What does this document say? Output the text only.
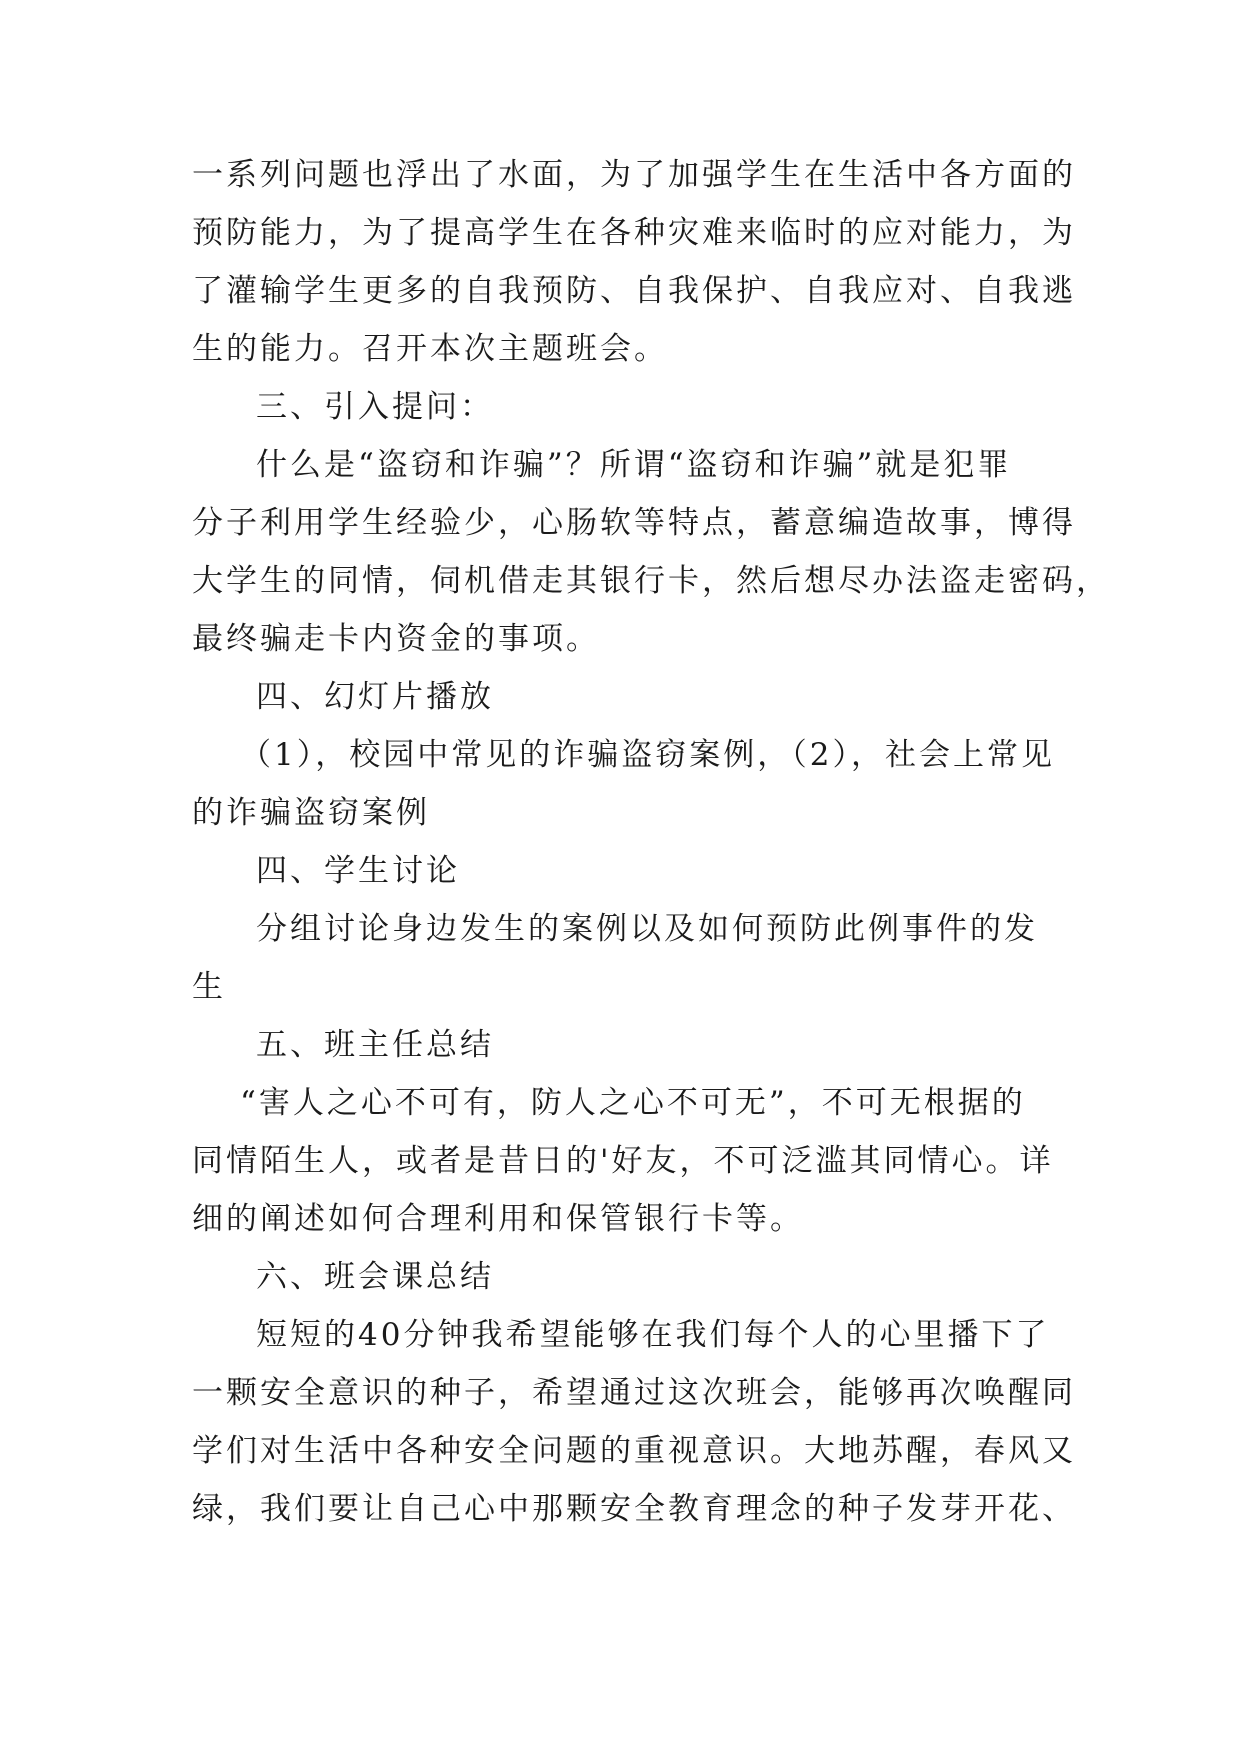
一系列问题也浮出了水面，为了加强学生在生活中各方面的
预防能力，为了提高学生在各种灾难来临时的应对能力，为
了灌输学生更多的自我预防、自我保护、自我应对、自我逃
生的能力。召开本次主题班会。
三、引入提问：
什么是“盗窃和诈骗”？所谓“盗窃和诈骗”就是犯罪
分子利用学生经验少，心肠软等特点，蓄意编造故事，博得
大学生的同情，伺机借走其银行卡，然后想尽办法盗走密码，
最终骗走卡内资金的事项。
四、幻灯片播放
（1），校园中常见的诈骗盗窃案例，（2），社会上常见
的诈骗盗窃案例
四、学生讨论
分组讨论身边发生的案例以及如何预防此例事件的发
生
五、班主任总结
“害人之心不可有，防人之心不可无”，不可无根据的
同情陌生人，或者是昔日的'好友，不可泛滥其同情心。详
细的阐述如何合理利用和保管银行卡等。
六、班会课总结
短短的40分钟我希望能够在我们每个人的心里播下了
一颗安全意识的种子，希望通过这次班会，能够再次唤醒同
学们对生活中各种安全问题的重视意识。大地苏醒，春风又
绿，我们要让自己心中那颗安全教育理念的种子发芽开花、
